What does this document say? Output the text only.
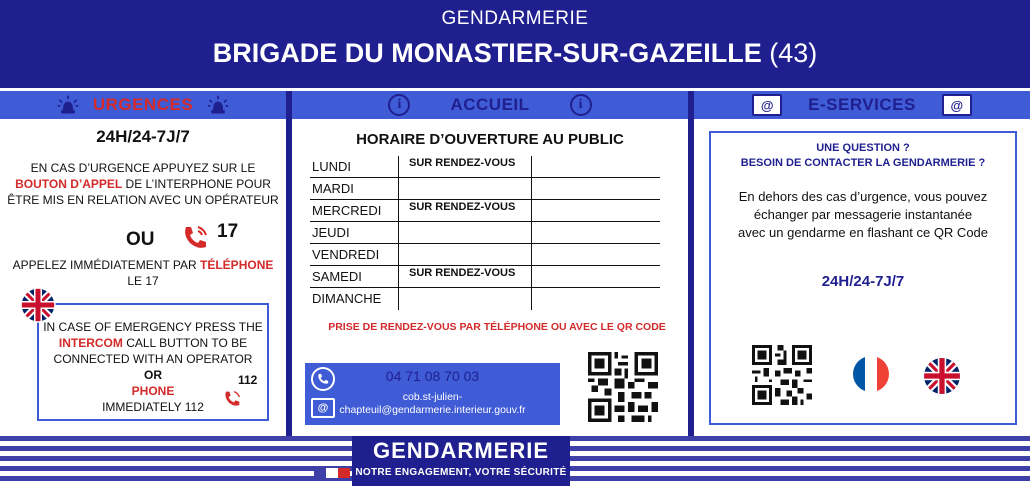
GENDARMERIE
BRIGADE DU MONASTIER-SUR-GAZEILLE (43)
URGENCES	i	ACCUEIL	i	@	E-SERVICES	@
24H/24-7J/7
EN CAS D’URGENCE APPUYEZ SUR LE
BOUTON D’APPEL DE L’INTERPHONE POUR
ÊTRE MIS EN RELATION AVEC UN OPÉRATEUR
OU	17
APPELEZ IMMÉDIATEMENT PAR TÉLÉPHONE
LE 17
IN CASE OF EMERGENCY PRESS THE
INTERCOM CALL BUTTON TO BE
CONNECTED WITH AN OPERATOR
OR
PHONE
IMMEDIATELY 112
112
HORAIRE D’OUVERTURE AU PUBLIC
LUNDI	SUR RENDEZ-VOUS
MARDI
MERCREDI	SUR RENDEZ-VOUS
JEUDI
VENDREDI
SAMEDI	SUR RENDEZ-VOUS
DIMANCHE
PRISE DE RENDEZ-VOUS PAR TÉLÉPHONE OU AVEC LE QR CODE
@
04 71 08 70 03
cob.st-julien-
chapteuil@gendarmerie.interieur.gouv.fr
UNE QUESTION ?
BESOIN DE CONTACTER LA GENDARMERIE ?
En dehors des cas d’urgence, vous pouvez
échanger par messagerie instantanée
avec un gendarme en flashant ce QR Code
24H/24-7J/7
GENDARMERIE
NOTRE ENGAGEMENT, VOTRE SÉCURITÉ
